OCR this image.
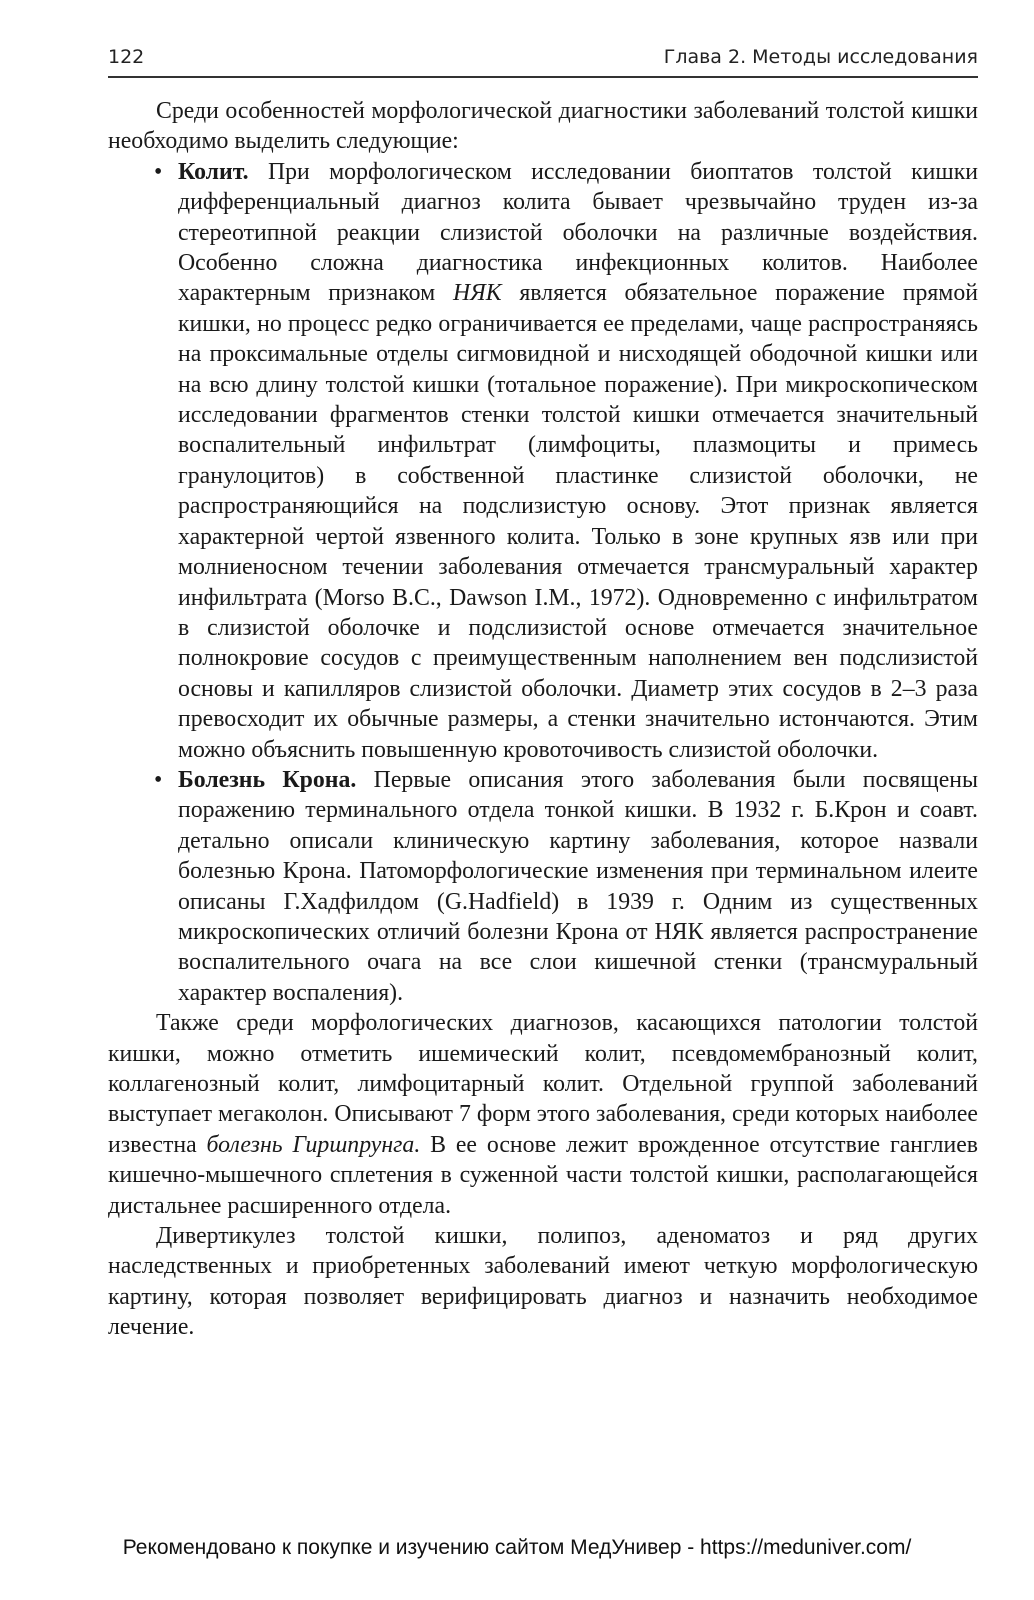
122	Глава 2. Методы исследования

Среди особенностей морфологической диагностики заболеваний толстой кишки необходимо выделить следующие:

• Колит. При морфологическом исследовании биоптатов толстой кишки дифференциальный диагноз колита бывает чрезвычайно труден из-за стереотипной реакции слизистой оболочки на различные воздействия. Особенно сложна диагностика инфекционных колитов. Наиболее характерным признаком НЯК является обязательное поражение прямой кишки, но процесс редко ограничивается ее пределами, чаще распространяясь на проксимальные отделы сигмовидной и нисходящей ободочной кишки или на всю длину толстой кишки (тотальное поражение). При микроскопическом исследовании фрагментов стенки толстой кишки отмечается значительный воспалительный инфильтрат (лимфоциты, плазмоциты и примесь гранулоцитов) в собственной пластинке слизистой оболочки, не распространяющийся на подслизистую основу. Этот признак является характерной чертой язвенного колита. Только в зоне крупных язв или при молниеносном течении заболевания отмечается трансмуральный характер инфильтрата (Morso B.C., Dawson I.M., 1972). Одновременно с инфильтратом в слизистой оболочке и подслизистой основе отмечается значительное полнокровие сосудов с преимущественным наполнением вен подслизистой основы и капилляров слизистой оболочки. Диаметр этих сосудов в 2–3 раза превосходит их обычные размеры, а стенки значительно истончаются. Этим можно объяснить повышенную кровоточивость слизистой оболочки.
• Болезнь Крона. Первые описания этого заболевания были посвящены поражению терминального отдела тонкой кишки. В 1932 г. Б.Крон и соавт. детально описали клиническую картину заболевания, которое назвали болезнью Крона. Патоморфологические изменения при терминальном илеите описаны Г.Хадфилдом (G.Hadfield) в 1939 г. Одним из существенных микроскопических отличий болезни Крона от НЯК является распространение воспалительного очага на все слои кишечной стенки (трансмуральный характер воспаления).

Также среди морфологических диагнозов, касающихся патологии толстой кишки, можно отметить ишемический колит, псевдомембранозный колит, коллагенозный колит, лимфоцитарный колит. Отдельной группой заболеваний выступает мегаколон. Описывают 7 форм этого заболевания, среди которых наиболее известна болезнь Гиршпрунга. В ее основе лежит врожденное отсутствие ганглиев кишечно-мышечного сплетения в суженной части толстой кишки, располагающейся дистальнее расширенного отдела.

Дивертикулез толстой кишки, полипоз, аденоматоз и ряд других наследственных и приобретенных заболеваний имеют четкую морфологическую картину, которая позволяет верифицировать диагноз и назначить необходимое лечение.

Рекомендовано к покупке и изучению сайтом МедУнивер - https://meduniver.com/
